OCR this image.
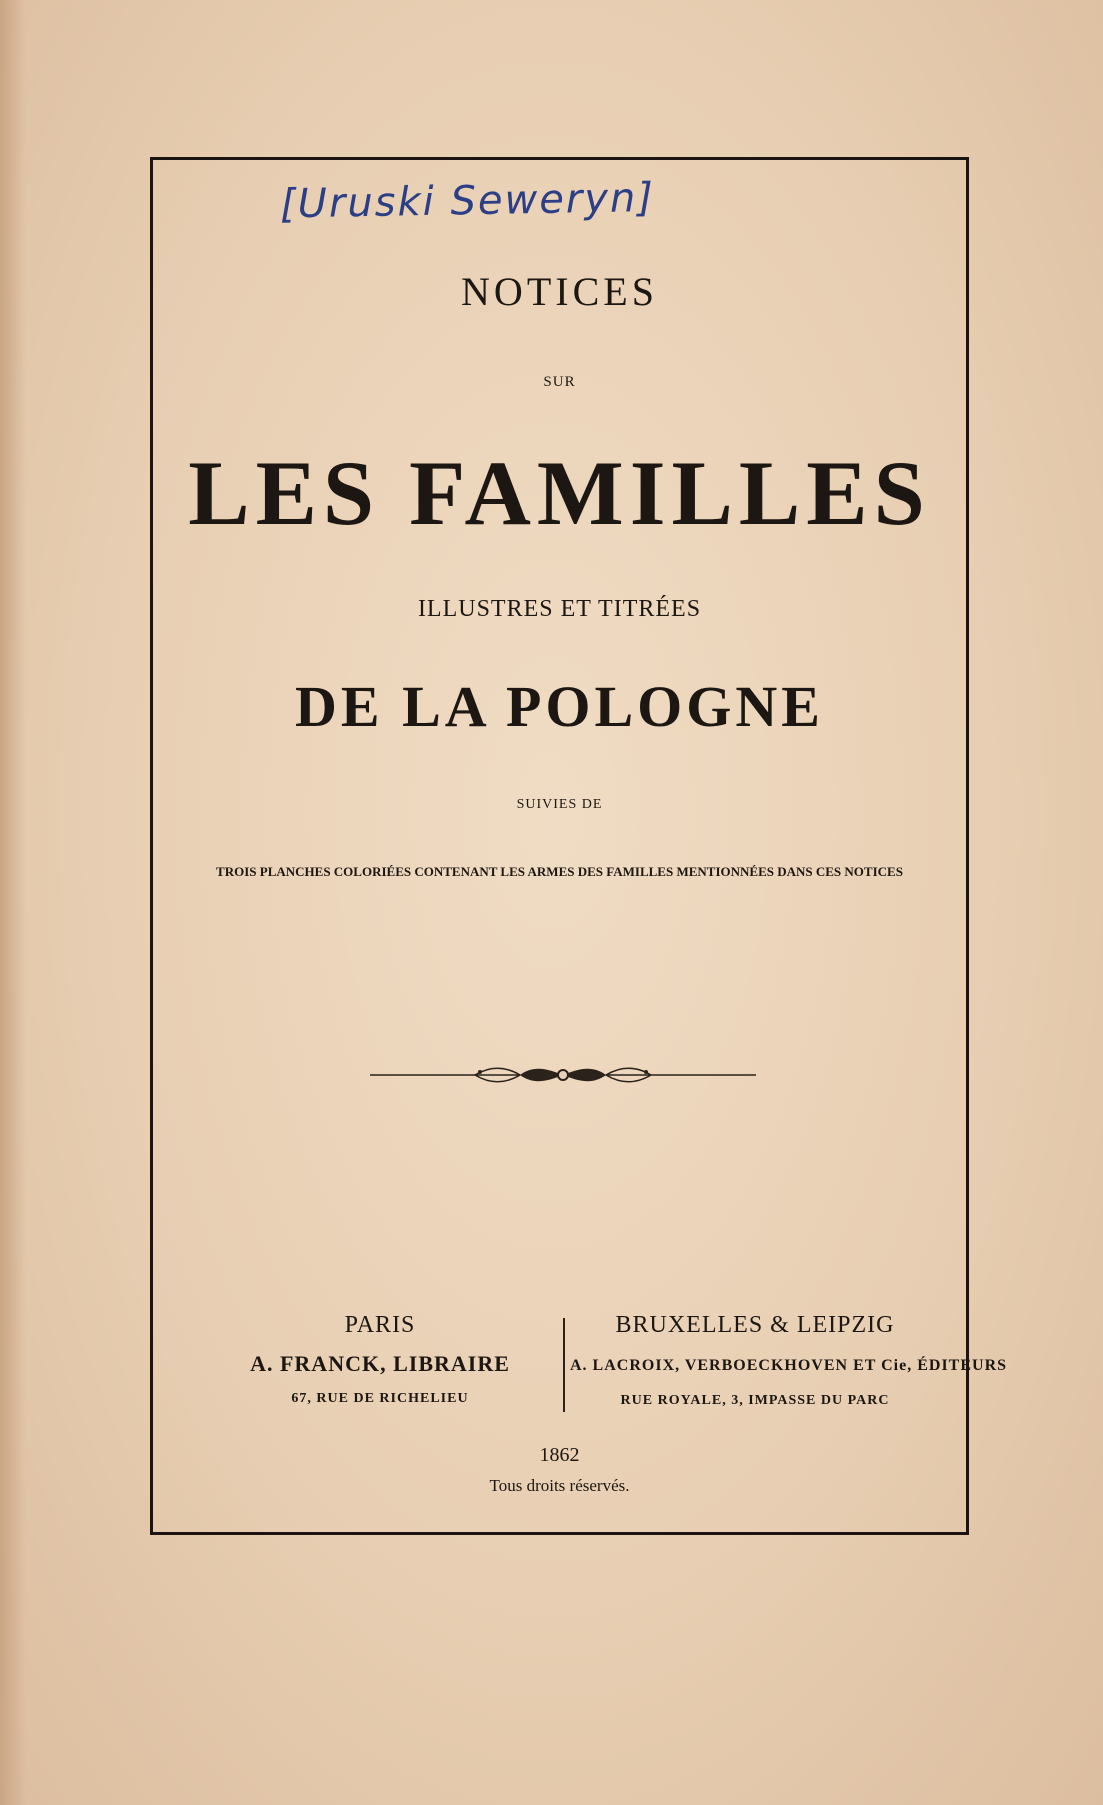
[Uruski Seweryn]
NOTICES
SUR
LES FAMILLES
ILLUSTRES ET TITRÉES
DE LA POLOGNE
SUIVIES DE
TROIS PLANCHES COLORIÉES CONTENANT LES ARMES DES FAMILLES MENTIONNÉES DANS CES NOTICES
PARIS
A. FRANCK, LIBRAIRE
67, RUE DE RICHELIEU
BRUXELLES & LEIPZIG
A. LACROIX, VERBOECKHOVEN ET Cie, ÉDITEURS
RUE ROYALE, 3, IMPASSE DU PARC
1862
Tous droits réservés.
